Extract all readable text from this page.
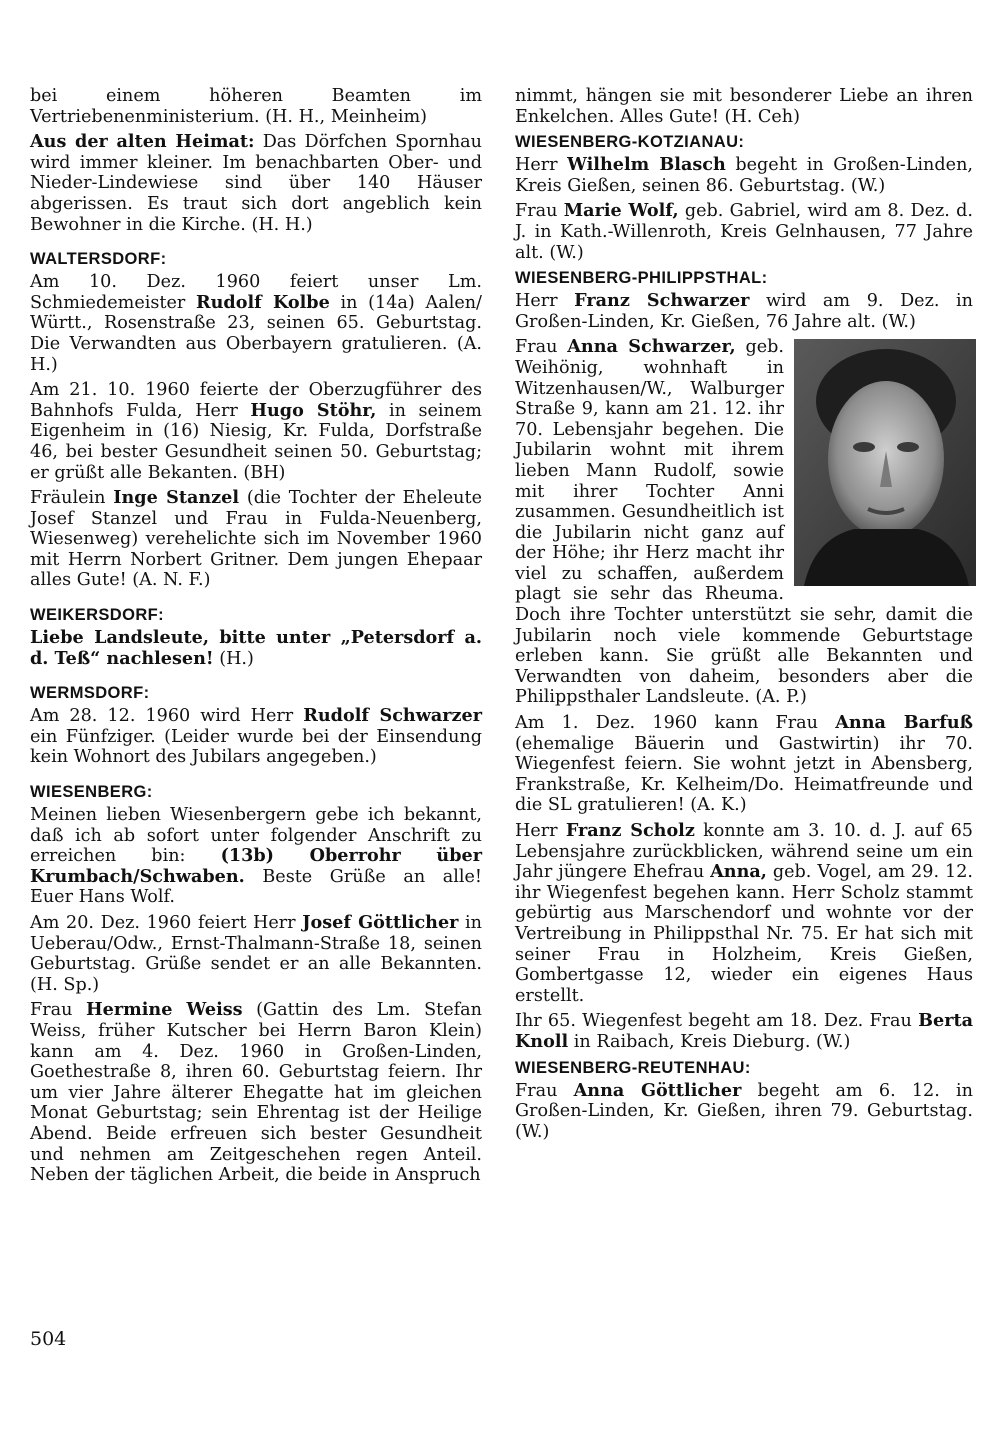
bei einem höheren Beamten im Vertriebenenministerium. (H. H., Meinheim)

Aus der alten Heimat: Das Dörfchen Spornhau wird immer kleiner. Im benachbarten Ober- und Nieder-Lindewiese sind über 140 Häuser abgerissen. Es traut sich dort angeblich kein Bewohner in die Kirche. (H. H.)

WALTERSDORF:

Am 10. Dez. 1960 feiert unser Lm. Schmiedemeister Rudolf Kolbe in (14a) Aalen/ Württ., Rosenstraße 23, seinen 65. Geburtstag. Die Verwandten aus Oberbayern gratulieren. (A. H.)

Am 21. 10. 1960 feierte der Oberzugführer des Bahnhofs Fulda, Herr Hugo Stöhr, in seinem Eigenheim in (16) Niesig, Kr. Fulda, Dorfstraße 46, bei bester Gesundheit seinen 50. Geburtstag; er grüßt alle Bekanten. (BH)

Fräulein Inge Stanzel (die Tochter der Eheleute Josef Stanzel und Frau in Fulda-Neuenberg, Wiesenweg) verehelichte sich im November 1960 mit Herrn Norbert Gritner. Dem jungen Ehepaar alles Gute! (A. N. F.)

WEIKERSDORF:

Liebe Landsleute, bitte unter „Petersdorf a. d. Teß“ nachlesen! (H.)

WERMSDORF:

Am 28. 12. 1960 wird Herr Rudolf Schwarzer ein Fünfziger. (Leider wurde bei der Einsendung kein Wohnort des Jubilars angegeben.)

WIESENBERG:

Meinen lieben Wiesenbergern gebe ich bekannt, daß ich ab sofort unter folgender Anschrift zu erreichen bin: (13b) Oberrohr über Krumbach/Schwaben. Beste Grüße an alle! Euer Hans Wolf.

Am 20. Dez. 1960 feiert Herr Josef Göttlicher in Ueberau/Odw., Ernst-Thalmann-Straße 18, seinen Geburtstag. Grüße sendet er an alle Bekannten. (H. Sp.)

Frau Hermine Weiss (Gattin des Lm. Stefan Weiss, früher Kutscher bei Herrn Baron Klein) kann am 4. Dez. 1960 in Großen-Linden, Goethestraße 8, ihren 60. Geburtstag feiern. Ihr um vier Jahre älterer Ehegatte hat im gleichen Monat Geburtstag; sein Ehrentag ist der Heilige Abend. Beide erfreuen sich bester Gesundheit und nehmen am Zeitgeschehen regen Anteil. Neben der täglichen Arbeit, die beide in Anspruch

nimmt, hängen sie mit besonderer Liebe an ihren Enkelchen. Alles Gute! (H. Ceh)

WIESENBERG-KOTZIANAU:

Herr Wilhelm Blasch begeht in Großen-Linden, Kreis Gießen, seinen 86. Geburtstag. (W.)

Frau Marie Wolf, geb. Gabriel, wird am 8. Dez. d. J. in Kath.-Willenroth, Kreis Gelnhausen, 77 Jahre alt. (W.)

WIESENBERG-PHILIPPSTHAL:

Herr Franz Schwarzer wird am 9. Dez. in Großen-Linden, Kr. Gießen, 76 Jahre alt. (W.)

Frau Anna Schwarzer, geb. Weihönig, wohnhaft in Witzenhausen/W., Walburger Straße 9, kann am 21. 12. ihr 70. Lebensjahr begehen. Die Jubilarin wohnt mit ihrem lieben Mann Rudolf, sowie mit ihrer Tochter Anni zusammen. Gesundheitlich ist die Jubilarin nicht ganz auf der Höhe; ihr Herz macht ihr viel zu schaffen, außerdem plagt sie sehr das Rheuma. Doch ihre Tochter unterstützt sie sehr, damit die Jubilarin noch viele kommende Geburtstage erleben kann. Sie grüßt alle Bekannten und Verwandten von daheim, besonders aber die Philippsthaler Landsleute. (A. P.)

Am 1. Dez. 1960 kann Frau Anna Barfuß (ehemalige Bäuerin und Gastwirtin) ihr 70. Wiegenfest feiern. Sie wohnt jetzt in Abensberg, Frankstraße, Kr. Kelheim/Do. Heimatfreunde und die SL gratulieren! (A. K.)

Herr Franz Scholz konnte am 3. 10. d. J. auf 65 Lebensjahre zurückblicken, während seine um ein Jahr jüngere Ehefrau Anna, geb. Vogel, am 29. 12. ihr Wiegenfest begehen kann. Herr Scholz stammt gebürtig aus Marschendorf und wohnte vor der Vertreibung in Philippsthal Nr. 75. Er hat sich mit seiner Frau in Holzheim, Kreis Gießen, Gombertgasse 12, wieder ein eigenes Haus erstellt.

Ihr 65. Wiegenfest begeht am 18. Dez. Frau Berta Knoll in Raibach, Kreis Dieburg. (W.)

WIESENBERG-REUTENHAU:

Frau Anna Göttlicher begeht am 6. 12. in Großen-Linden, Kr. Gießen, ihren 79. Geburtstag. (W.)

504
